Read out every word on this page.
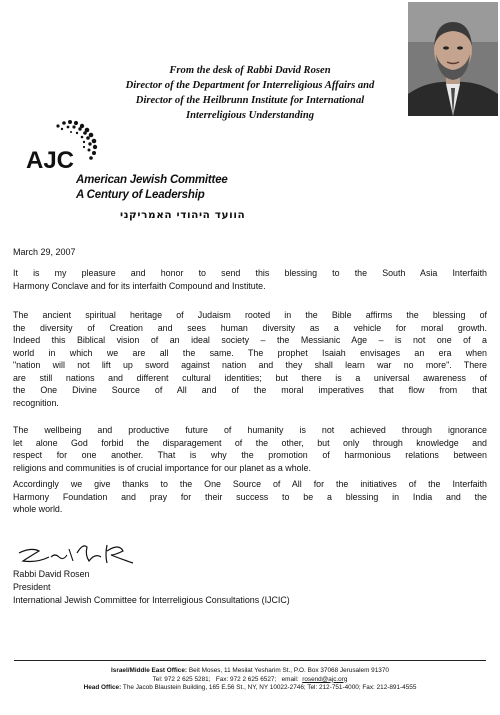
From the desk of Rabbi David Rosen
Director of the Department for Interreligious Affairs and
Director of the Heilbrunn Institute for International
Interreligious Understanding
AJC
American Jewish Committee
A Century of Leadership
הוועד היהודי האמריקני
March 29, 2007
It is my pleasure and honor to send this blessing to the South Asia Interfaith
Harmony Conclave and for its interfaith Compound and Institute.
The ancient spiritual heritage of Judaism rooted in the Bible affirms the blessing of
the diversity of Creation and sees human diversity as a vehicle for moral growth.
Indeed this Biblical vision of an ideal society – the Messianic Age – is not one of a
world in which we are all the same. The prophet Isaiah envisages an era when
"nation will not lift up sword against nation and they shall learn war no more". There
are still nations and different cultural identities; but there is a universal awareness of
the One Divine Source of All and of the moral imperatives that flow from that
recognition.
The wellbeing and productive future of humanity is not achieved through ignorance
let alone God forbid the disparagement of the other, but only through knowledge and
respect for one another. That is why the promotion of harmonious relations between
religions and communities is of crucial importance for our planet as a whole.
Accordingly we give thanks to the One Source of All for the initiatives of the Interfaith
Harmony Foundation and pray for their success to be a blessing in India and the
whole world.
Rabbi David Rosen
President
International Jewish Committee for Interreligious Consultations (IJCIC)
Israel/Middle East Office: Beit Moses, 11 Mesilat Yesharim St., P.O. Box 37068 Jerusalem 91370
Tel: 972 2 625 5281; Fax: 972 2 625 6527; email: rosend@ajc.org
Head Office: The Jacob Blaustein Building, 165 E.56 St., NY, NY 10022-2746; Tel: 212-751-4000; Fax: 212-891-4555
